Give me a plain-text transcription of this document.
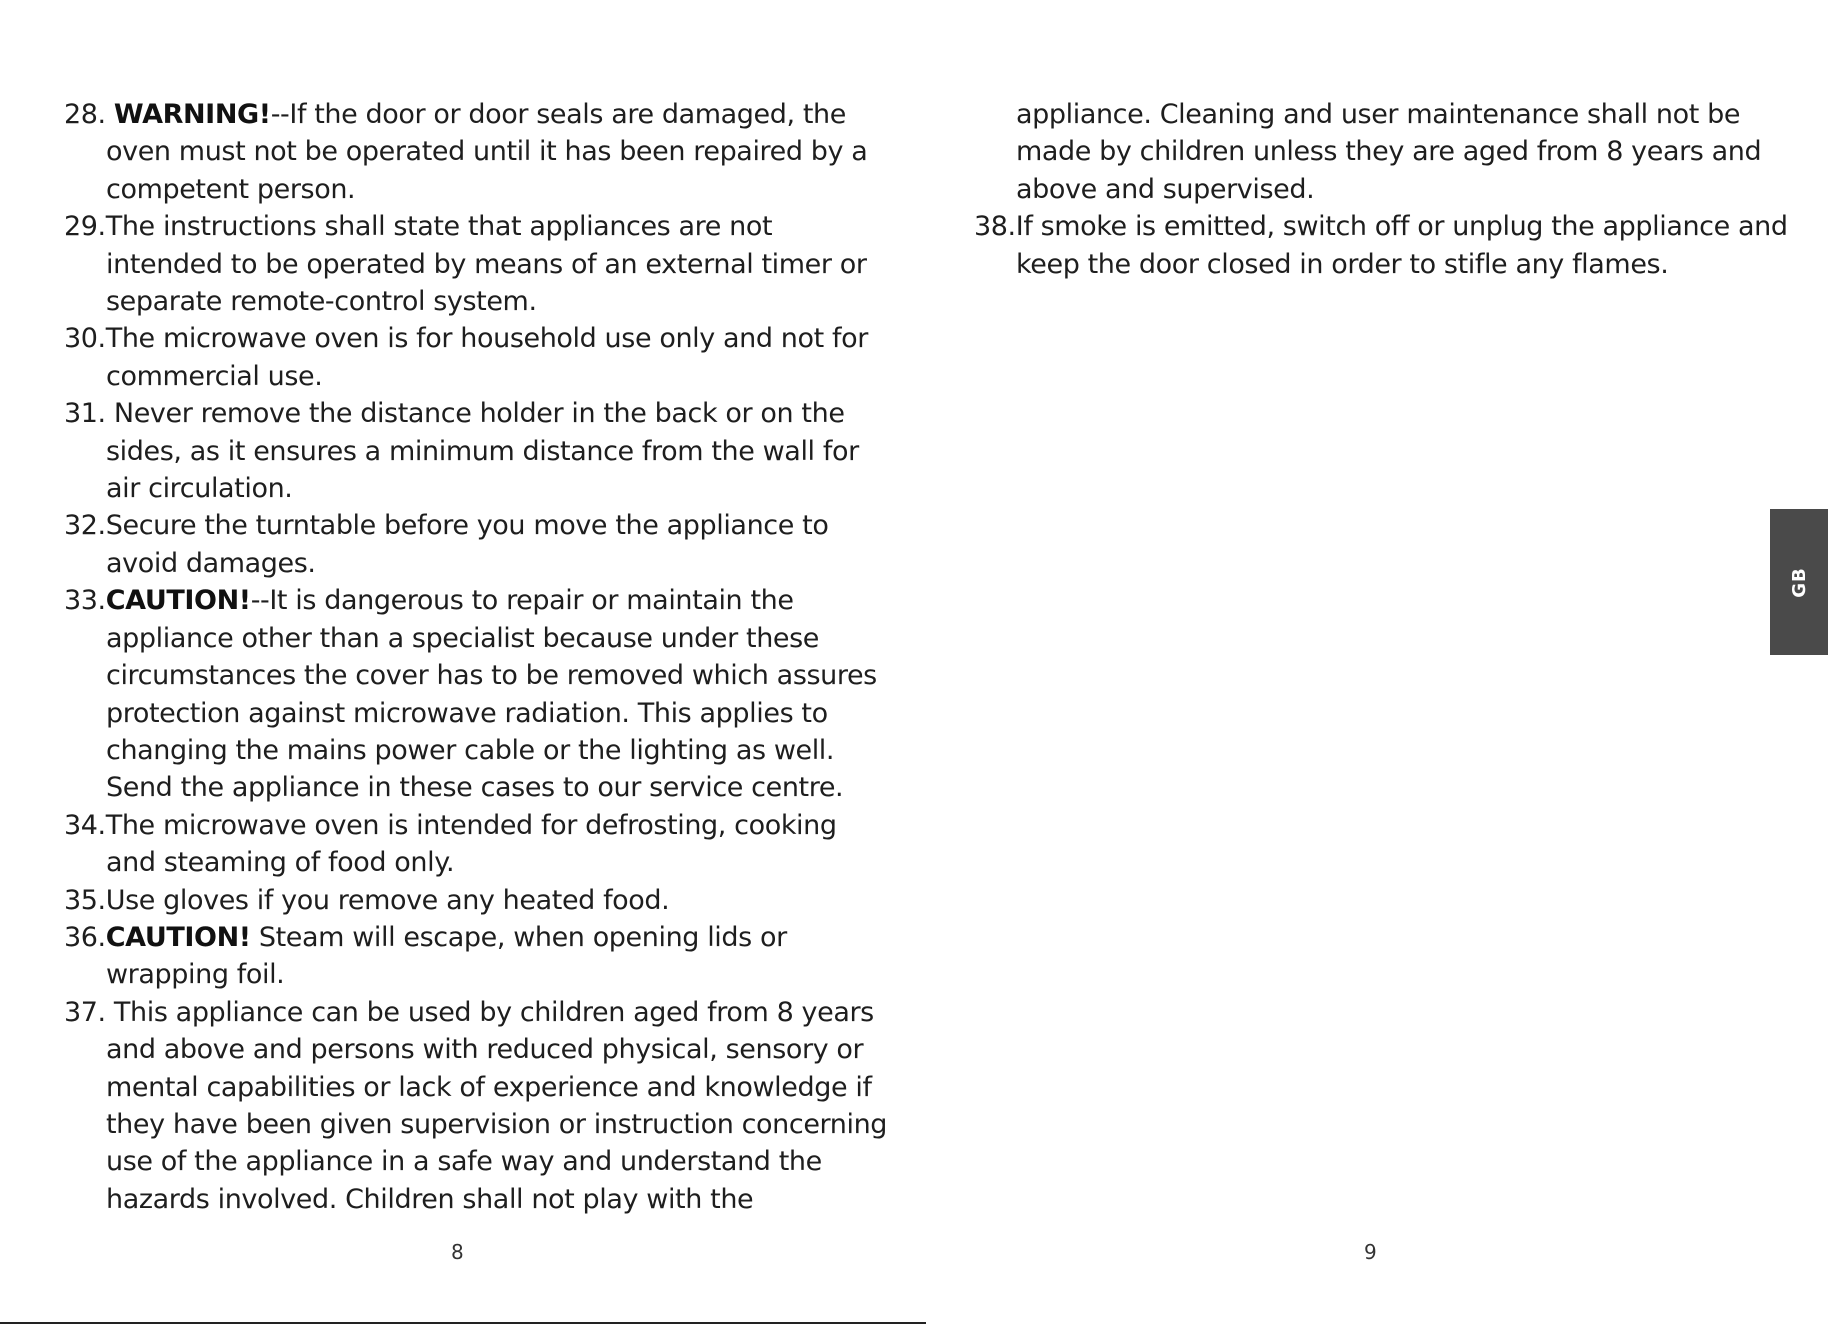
28. WARNING!--If the door or door seals are damaged, the
oven must not be operated until it has been repaired by a
competent person.
29.The instructions shall state that appliances are not
intended to be operated by means of an external timer or
separate remote-control system.
30.The microwave oven is for household use only and not for
commercial use.
31. Never remove the distance holder in the back or on the
sides, as it ensures a minimum distance from the wall for
air circulation.
32.Secure the turntable before you move the appliance to
avoid damages.
33.CAUTION!--It is dangerous to repair or maintain the
appliance other than a specialist because under these
circumstances the cover has to be removed which assures
protection against microwave radiation. This applies to
changing the mains power cable or the lighting as well.
Send the appliance in these cases to our service centre.
34.The microwave oven is intended for defrosting, cooking
and steaming of food only.
35.Use gloves if you remove any heated food.
36.CAUTION! Steam will escape, when opening lids or
wrapping foil.
37. This appliance can be used by children aged from 8 years
and above and persons with reduced physical, sensory or
mental capabilities or lack of experience and knowledge if
they have been given supervision or instruction concerning
use of the appliance in a safe way and understand the
hazards involved. Children shall not play with the
appliance. Cleaning and user maintenance shall not be
made by children unless they are aged from 8 years and
above and supervised.
38.If smoke is emitted, switch off or unplug the appliance and
keep the door closed in order to stifle any flames.
8	9
GB
